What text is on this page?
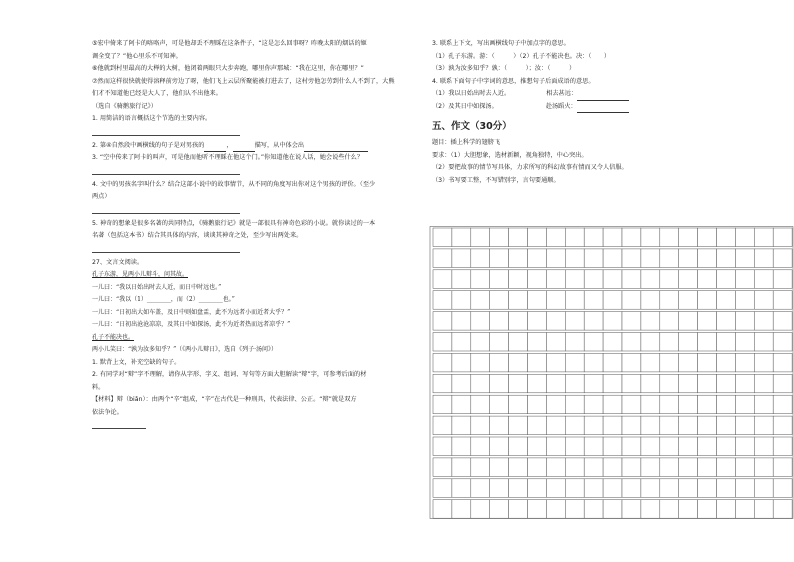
⑤宏中倚来了阿卡的咯咯声，可是他却丢不理睬在这条件子，“这是怎么回事呀？昨晚太阳的烟话的姬
调全变了？”他心里乐不可知神。
⑥他就到村里最高的大榉的大树，他闭着两眼只大步奔跑，哪里你声那城：“我在这里，你在哪里？”
⑦然而这样很快就使得溶释前旁边了呀，他们飞上云层所聚能被打进去了，这村旁他怎劳到什么人不到了，大熊
们才不知道他已经是大人了，他们认不出他来。
（选自《骑鹅旅行记》）
1. 用简洁的语言概括这个节选的主要内容。
2. 第④自然段中画横线的句子是对男孩的	，	描写，从中体会出
3. “空中传来了阿卡的叫声，可是他而他听不理睬在他这个门。”你知道他在说人话，她会说些什么？
4. 文中的男孩名字叫什么？结合这部小说中的故事情节，从不同的角度写出你对这个男孩的评价。（至少
两点）
5. 神奇的想象是很多名著的共同特点，《骑鹅旅行记》就是一部很具有神奇色彩的小说。就你读过的一本
名著（包括这本书）结合其具体的内容，谈谈其神奇之处，至少写出两处来。
27、文言文阅读。
孔子东游，见两小儿辩斗，问其故。
一儿曰：“我以日始出时去人近，而日中时远也。”
一儿曰：“我以（1）________，而（2）________也。”
一儿曰：“日初出大如车盖，及日中则如盘盂，此不为远者小而近者大乎？”
一儿曰：“日初出沧沧凉凉，及其日中如探汤，此不为近者热而远者凉乎？”
孔子不能决也。
两小儿笑曰：“孰为汝多知乎？”（《两小儿辩日》，选自《列子·汤问》）
1. 默背上文，补充空缺的句子。
2. 有同学对“辩”字不理解，请你从字形、字义、组词、写句等方面大胆解读“辩”字，可参考后面的材
料。
【材料】辩（biǎn）：由两个“辛”组成，“辛”在古代是一种刑具，代表法律、公正。“辩”就是双方
依法争论。
3. 联系上下文，写出画横线句子中加点字的意思。
（1）孔子东游。游：（　　　）（2）孔子不能决也。决：（　　）
（3）孰为汝多知乎？孰：（　　　）；汝：（　　　）
4. 联系下面句子中字词的意思，推想句子后面成语的意思。
（1）我以日始出时去人近。	相去甚远：
（2）及其日中如探汤。	赴汤蹈火：
五、作文（30分）
题目：插上科学的翅膀飞
要求：（1）大胆想象，选材新颖，视角独特，中心突出。
（2）要把故事的情节写具体，力求所写的科幻故事有情而又令人信服。
（3）书写要工整，不写错别字，言句要通顺。
